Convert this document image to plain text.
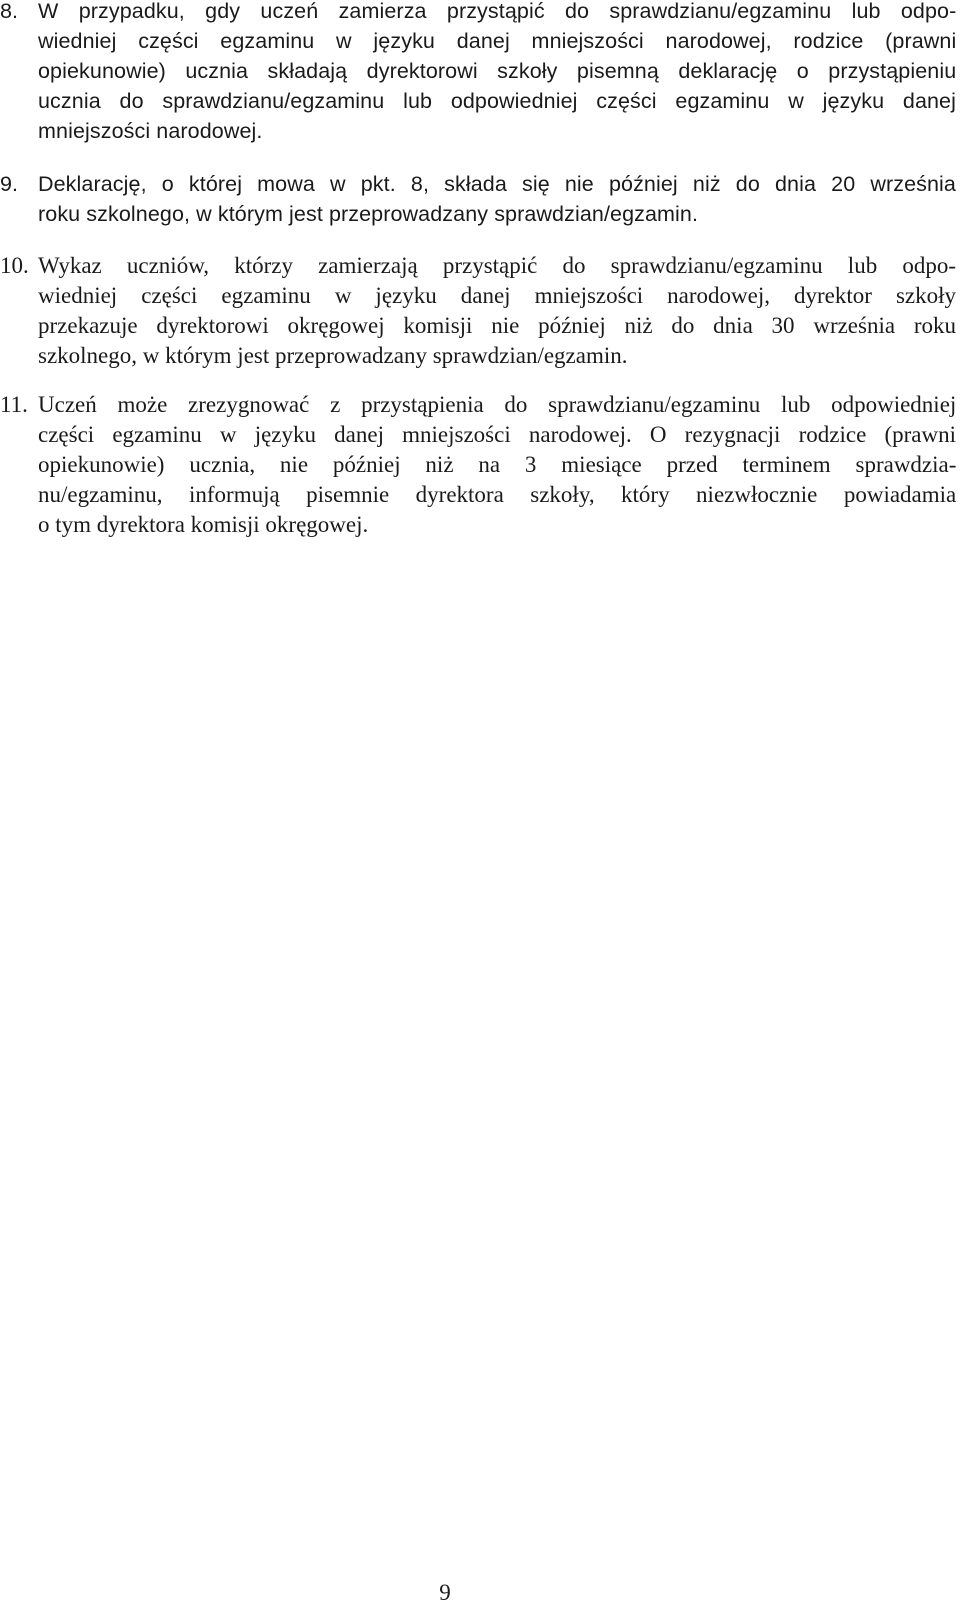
8. W przypadku, gdy uczeń zamierza przystąpić do sprawdzianu/egzaminu lub odpo-
wiedniej części egzaminu w języku danej mniejszości narodowej, rodzice (prawni
opiekunowie) ucznia składają dyrektorowi szkoły pisemną deklarację o przystąpieniu
ucznia do sprawdzianu/egzaminu lub odpowiedniej części egzaminu w języku danej
mniejszości narodowej.
9. Deklarację, o której mowa w pkt. 8, składa się nie później niż do dnia 20 września
roku szkolnego, w którym jest przeprowadzany sprawdzian/egzamin.
10. Wykaz uczniów, którzy zamierzają przystąpić do sprawdzianu/egzaminu lub odpo-
wiedniej części egzaminu w języku danej mniejszości narodowej, dyrektor szkoły
przekazuje dyrektorowi okręgowej komisji nie później niż do dnia 30 września roku
szkolnego, w którym jest przeprowadzany sprawdzian/egzamin.
11. Uczeń może zrezygnować z przystąpienia do sprawdzianu/egzaminu lub odpowiedniej
części egzaminu w języku danej mniejszości narodowej. O rezygnacji rodzice (prawni
opiekunowie) ucznia, nie później niż na 3 miesiące przed terminem sprawdzia-
nu/egzaminu, informują pisemnie dyrektora szkoły, który niezwłocznie powiadamia
o tym dyrektora komisji okręgowej.
9
